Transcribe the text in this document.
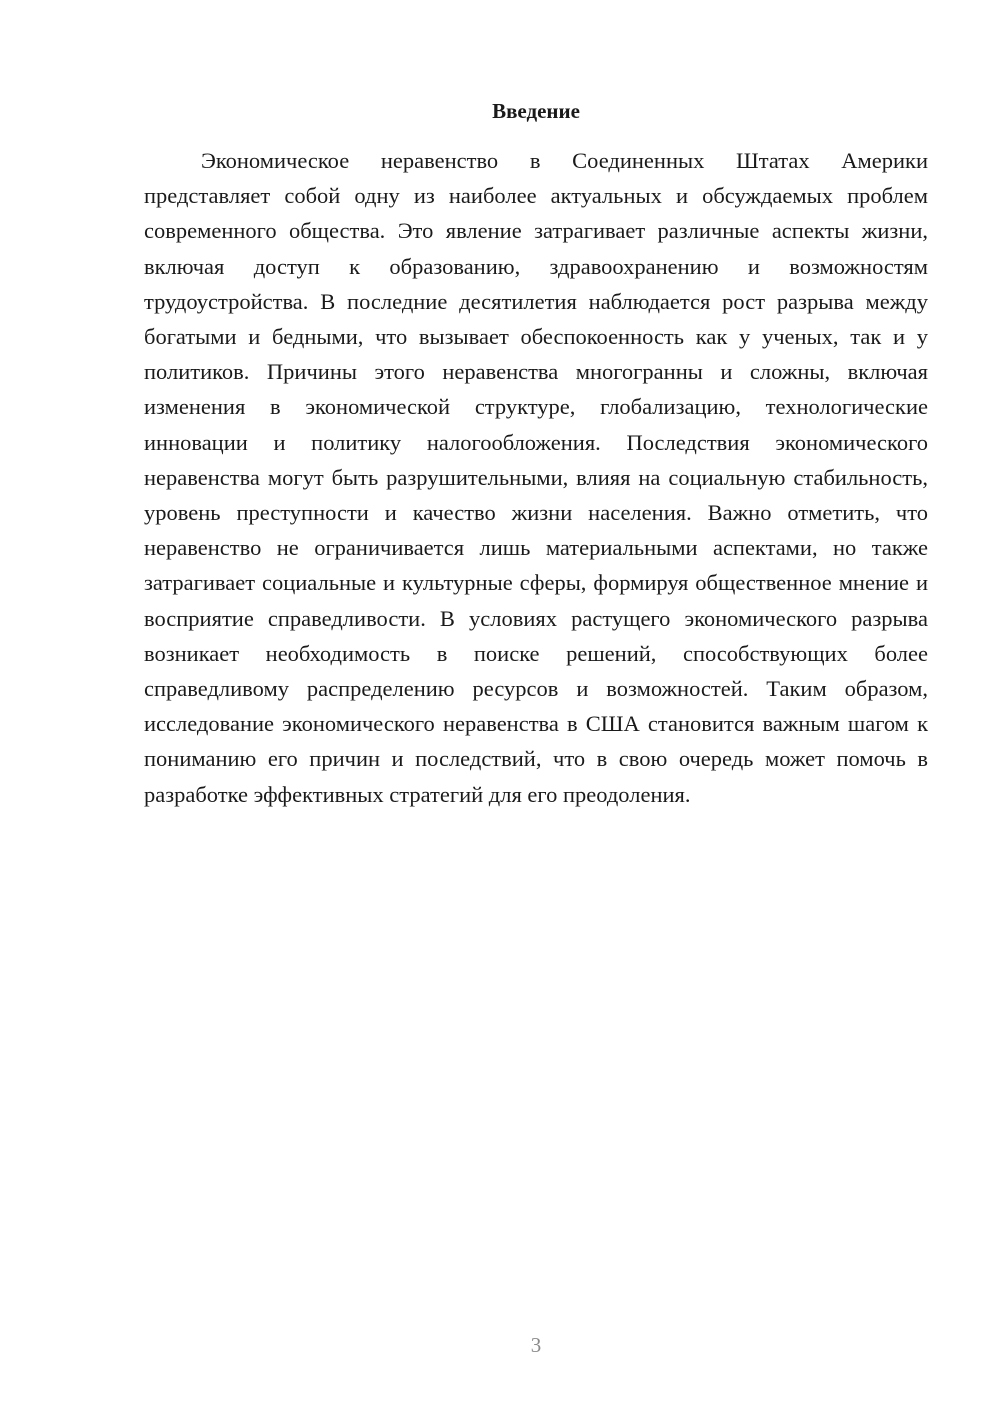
Введение

Экономическое неравенство в Соединенных Штатах Америки представляет собой одну из наиболее актуальных и обсуждаемых проблем современного общества. Это явление затрагивает различные аспекты жизни, включая доступ к образованию, здравоохранению и возможностям трудоустройства. В последние десятилетия наблюдается рост разрыва между богатыми и бедными, что вызывает обеспокоенность как у ученых, так и у политиков. Причины этого неравенства многогранны и сложны, включая изменения в экономической структуре, глобализацию, технологические инновации и политику налогообложения. Последствия экономического неравенства могут быть разрушительными, влияя на социальную стабильность, уровень преступности и качество жизни населения. Важно отметить, что неравенство не ограничивается лишь материальными аспектами, но также затрагивает социальные и культурные сферы, формируя общественное мнение и восприятие справедливости. В условиях растущего экономического разрыва возникает необходимость в поиске решений, способствующих более справедливому распределению ресурсов и возможностей. Таким образом, исследование экономического неравенства в США становится важным шагом к пониманию его причин и последствий, что в свою очередь может помочь в разработке эффективных стратегий для его преодоления.

3
